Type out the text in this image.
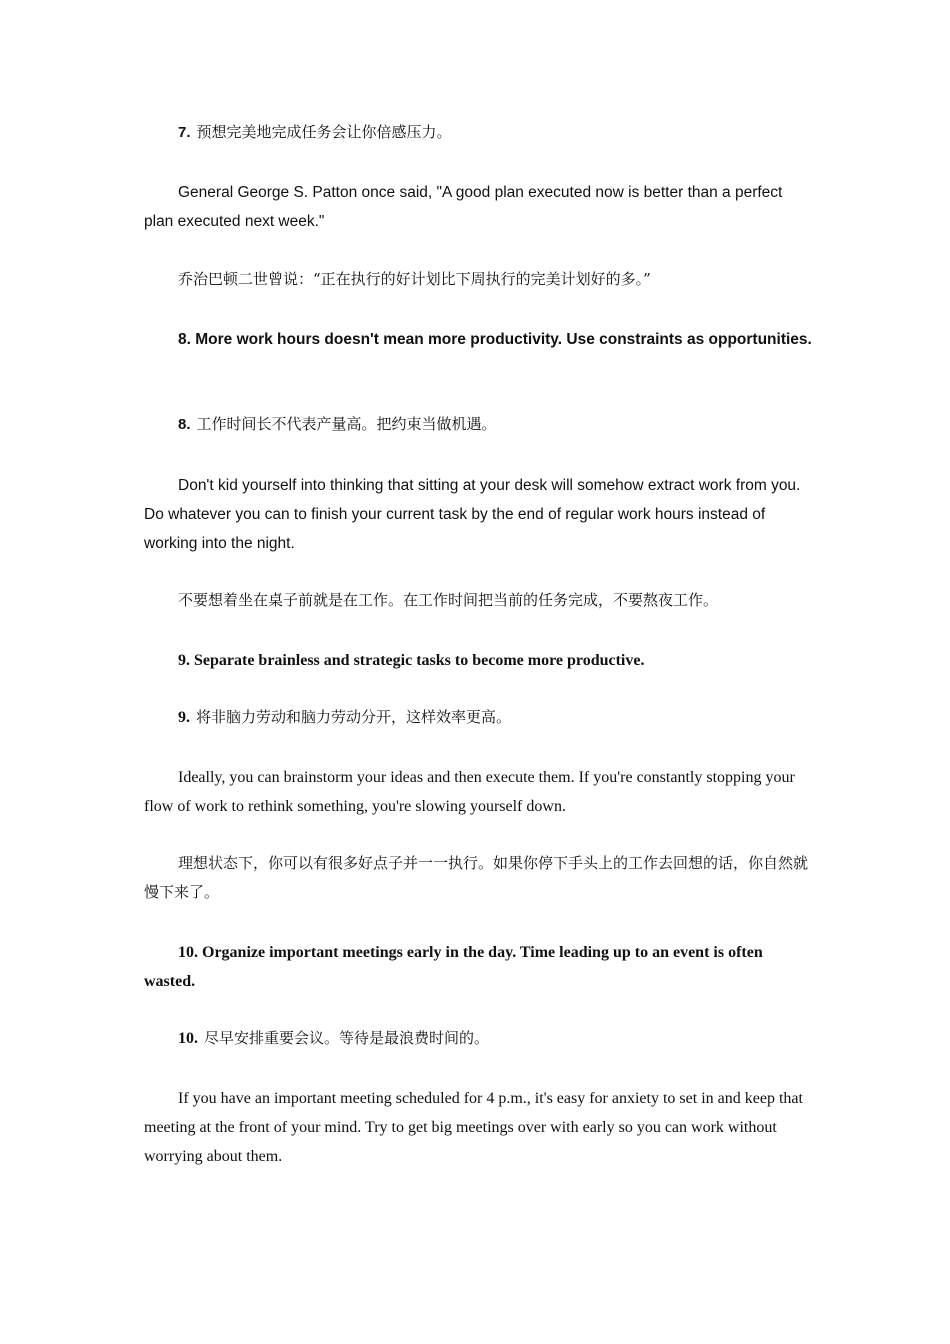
7. 预想完美地完成任务会让你倍感压力。

General George S. Patton once said, "A good plan executed now is better than a perfect plan executed next week."

乔治巴顿二世曾说：“正在执行的好计划比下周执行的完美计划好的多。”

8. More work hours doesn't mean more productivity. Use constraints as opportunities.

8. 工作时间长不代表产量高。把约束当做机遇。

Don't kid yourself into thinking that sitting at your desk will somehow extract work from you. Do whatever you can to finish your current task by the end of regular work hours instead of working into the night.

不要想着坐在桌子前就是在工作。在工作时间把当前的任务完成，不要熬夜工作。

9. Separate brainless and strategic tasks to become more productive.

9. 将非脑力劳动和脑力劳动分开，这样效率更高。

Ideally, you can brainstorm your ideas and then execute them. If you're constantly stopping your flow of work to rethink something, you're slowing yourself down.

理想状态下，你可以有很多好点子并一一执行。如果你停下手头上的工作去回想的话，你自然就慢下来了。

10. Organize important meetings early in the day. Time leading up to an event is often wasted.

10. 尽早安排重要会议。等待是最浪费时间的。

If you have an important meeting scheduled for 4 p.m., it's easy for anxiety to set in and keep that meeting at the front of your mind. Try to get big meetings over with early so you can work without worrying about them.
